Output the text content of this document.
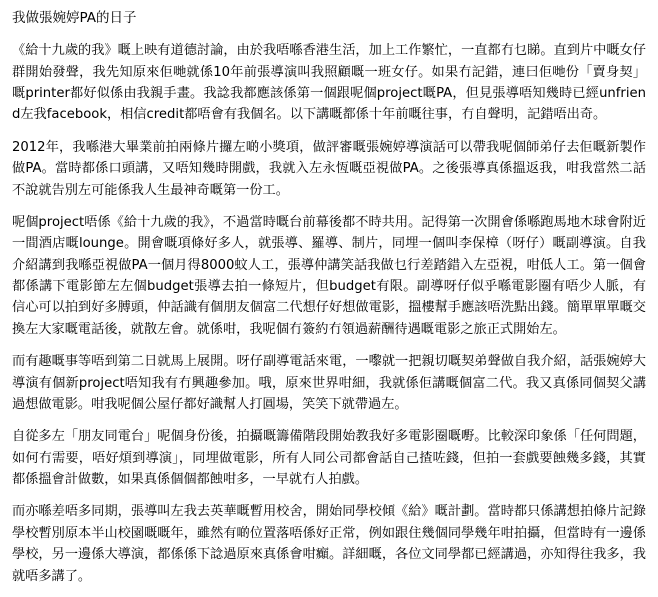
我做張婉婷PA的日子

《給十九歲的我》嘅上映有道德討論，由於我唔喺香港生活，加上工作繁忙，一直都冇乜睇。直到片中嘅女仔群開始發聲，我先知原來佢哋就係10年前張導演叫我照顧嘅一班女仔。如果冇記錯，連曰佢哋份「賣身契」嘅printer都好似係由我親手畫。我諗我都應該係第一個跟呢個project嘅PA，但見張導唔知幾時已經unfriend左我facebook，相信credit都唔會有我個名。以下講嘅都係十年前嘅往事，冇自聲明，記錯唔出奇。

2012年，我喺港大畢業前拍兩條片攞左啲小獎項，做評審嘅張婉婷導演話可以帶我呢個師弟仔去佢嘅新製作做PA。當時都係口頭講，又唔知幾時開戲，我就入左永恆嘅亞視做PA。之後張導真係搵返我，咁我當然二話不說就告別左可能係我人生最神奇嘅第一份工。

呢個project唔係《給十九歲的我》，不過當時嘅台前幕後都不時共用。記得第一次開會係喺跑馬地木球會附近一間酒店嘅lounge。開會嘅項條好多人，就張導、羅導、制片，同埋一個叫李保樟（呀仔）嘅副導演。自我介紹講到我喺亞視做PA一個月得8000蚊人工，張導仲講笑話我做乜行差踏錯入左亞視，咁低人工。第一個會都係講下電影節左左個budget張導去拍一條短片，但budget有限。副導呀仔似乎喺電影圈有唔少人脈，有信心可以拍到好多膊頭，仲話識有個朋友個富二代想仔好想做電影，搵樓幫手應該唔洗點出錢。簡單單單嘅交換左大家嘅電話後，就散左會。就係咁，我呢個冇簽約冇領過薪酬待遇嘅電影之旅正式開始左。

而有趣嘅事等唔到第二日就馬上展開。呀仔副導電話來電，一嚟就一把親切嘅契弟聲做自我介紹，話張婉婷大導演有個新project唔知我有冇興趣參加。哦，原來世界咁細，我就係佢講嘅個富二代。我又真係同個契父講過想做電影。咁我呢個公屋仔都好識幫人打圓場，笑笑下就帶過左。

自從多左「朋友同電台」呢個身份後，拍攝嘅籌備階段開始教我好多電影圈嘅嘢。比較深印象係「任何問題，如何冇需要，唔好煩到導演」，同埋做電影，所有人同公司都會話自己揸咗錢，但拍一套戲要蝕幾多錢，其實都係搵會計做數，如果真係個個都蝕咁多，一早就冇人拍戲。

而亦喺差唔多同期，張導叫左我去英華嘅暫用校舍，開始同學校傾《給》嘅計劃。當時都只係講想拍條片記錄學校暫別原本半山校園嘅嘅年，雖然有啲位置落唔係好正常，例如跟住幾個同學幾年咁拍攝，但當時有一邊係學校，另一邊係大導演，都係係下諗過原來真係會咁癲。詳細嘅，各位文同學都已經講過，亦知得往我多，我就唔多講了。
